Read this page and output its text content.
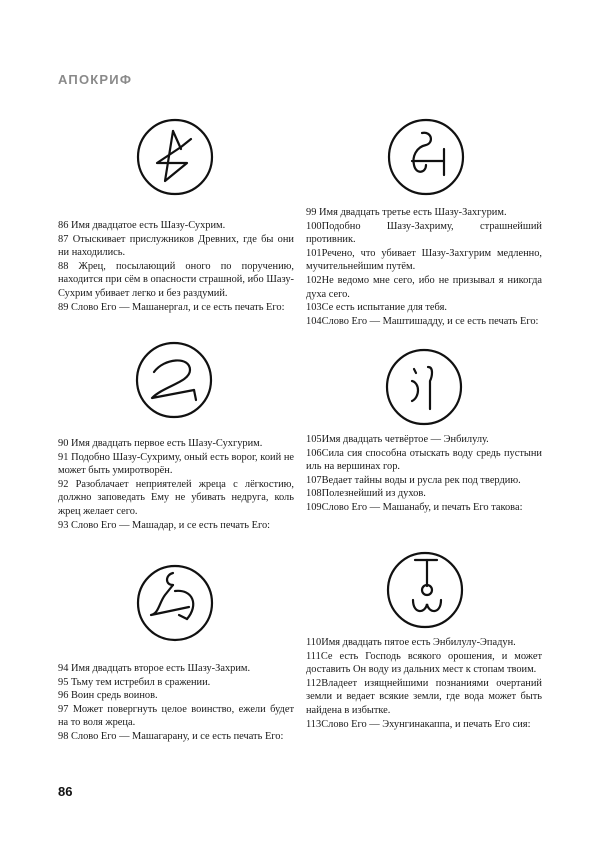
АПОКРИФ

86 Имя двадцатое есть Шазу-Сухрим.

87 Отыскивает прислужников Древних, где бы они ни находились.

88 Жрец, посылающий оного по поручению, находится при сём в опасности страшной, ибо Шазу-Сухрим убивает легко и без раздумий.

89 Слово Его — Машанергал, и се есть печать Его:

90 Имя двадцать первое есть Шазу-Сухгурим.

91 Подобно Шазу-Сухриму, оный есть ворог, коий не может быть умиротворён.

92 Разоблачает неприятелей жреца с лёгкостию, должно заповедать Ему не убивать недруга, коль жрец желает сего.

93 Слово Его — Машадар, и се есть печать Его:

94 Имя двадцать второе есть Шазу-Захрим.

95 Тьму тем истребил в сражении.

96 Воин средь воинов.

97 Может повергнуть целое воинство, ежели будет на то воля жреца.

98 Слово Его — Машагарану, и се есть печать Его:

99 Имя двадцать третье есть Шазу-Захгурим.

100Подобно Шазу-Захриму, страшнейший противник.

101Речено, что убивает Шазу-Захгурим медленно, мучительнейшим путём.

102Не ведомо мне сего, ибо не призывал я никогда духа сего.

103Се есть испытание для тебя.

104Слово Его — Маштишадду, и се есть печать Его:

105Имя двадцать четвёртое — Энбилулу.

106Сила сия способна отыскать воду средь пустыни иль на вершинах гор.

107Ведает тайны воды и русла рек под твердию.

108Полезнейший из духов.

109Слово Его — Машанабу, и печать Его такова:

110Имя двадцать пятое есть Энбилулу-Эпадун.

111Се есть Господь всякого орошения, и может доставить Он воду из дальних мест к стопам твоим.

112Владеет изящнейшими познаниями очертаний земли и ведает всякие земли, где вода может быть найдена в избытке.

113Слово Его — Эхунгинакаппа, и печать Его сия:

86
